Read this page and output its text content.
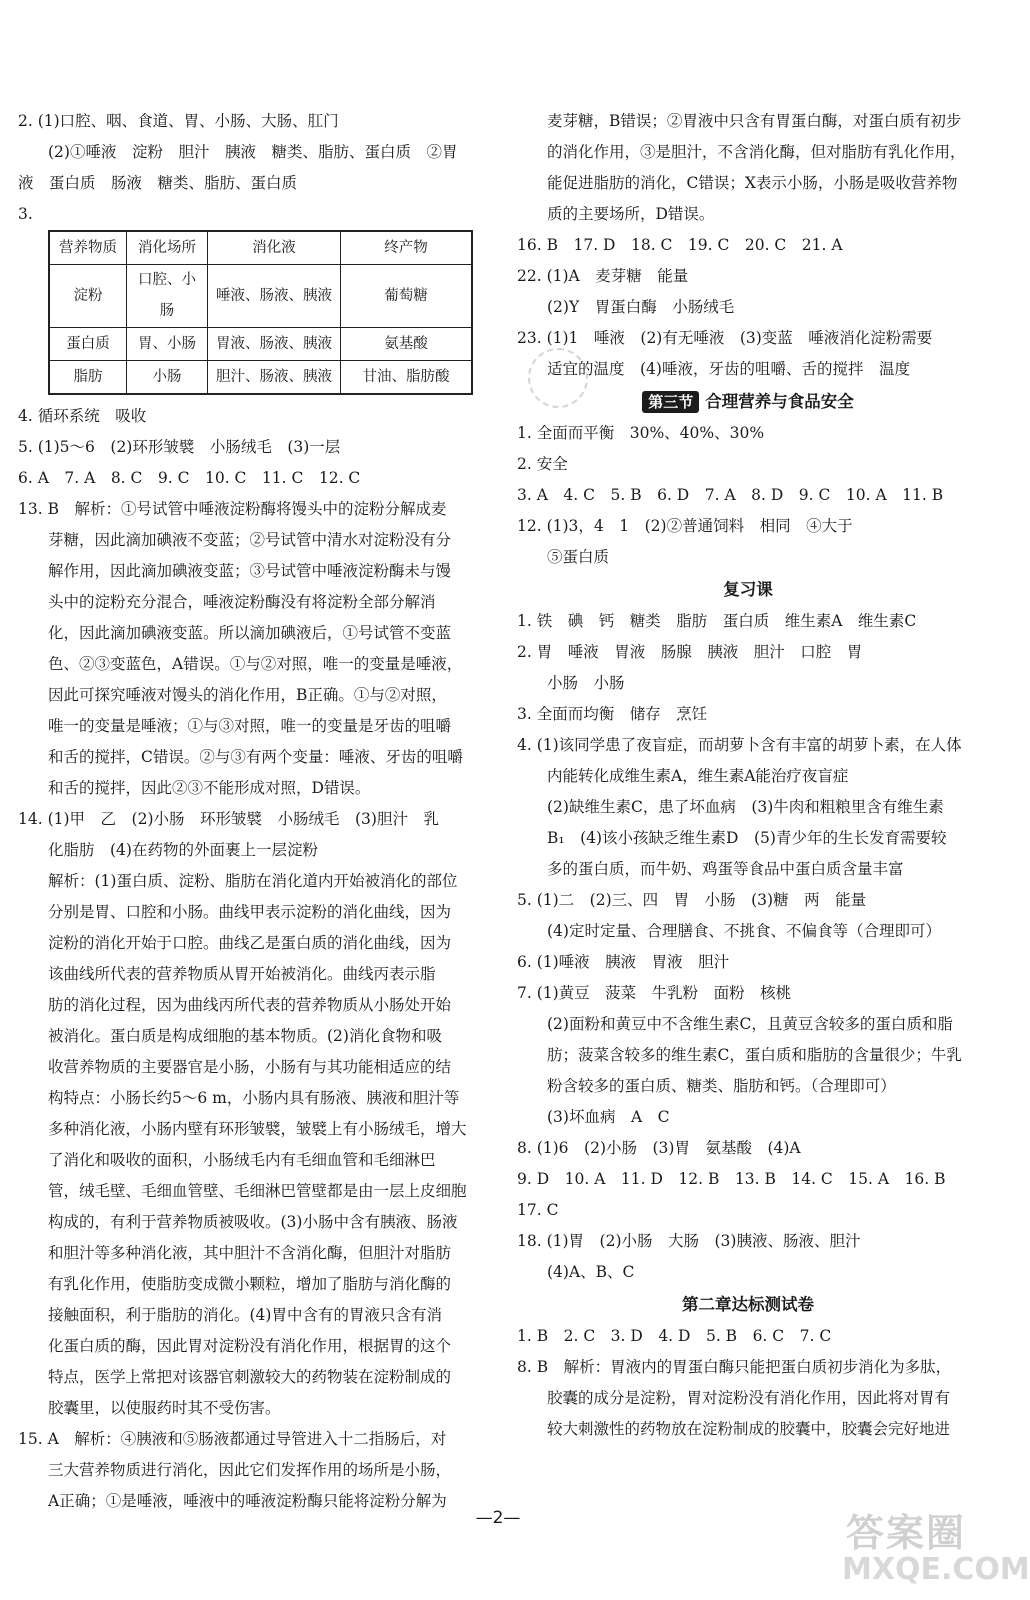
2. (1)口腔、咽、食道、胃、小肠、大肠、肛门
(2)①唾液　淀粉　胆汁　胰液　糖类、脂肪、蛋白质　②胃
液　蛋白质　肠液　糖类、脂肪、蛋白质
3.
营养物质	消化场所	消化液	终产物
淀粉	口腔、小肠	唾液、肠液、胰液	葡萄糖
蛋白质	胃、小肠	胃液、肠液、胰液	氨基酸
脂肪	小肠	胆汁、肠液、胰液	甘油、脂肪酸
4. 循环系统　吸收
5. (1)5～6　(2)环形皱襞　小肠绒毛　(3)一层
6. A　7. A　8. C　9. C　10. C　11. C　12. C
13. B　解析：①号试管中唾液淀粉酶将馒头中的淀粉分解成麦
芽糖，因此滴加碘液不变蓝；②号试管中清水对淀粉没有分
解作用，因此滴加碘液变蓝；③号试管中唾液淀粉酶未与馒
头中的淀粉充分混合，唾液淀粉酶没有将淀粉全部分解消
化，因此滴加碘液变蓝。所以滴加碘液后，①号试管不变蓝
色、②③变蓝色，A错误。①与②对照，唯一的变量是唾液，
因此可探究唾液对馒头的消化作用，B正确。①与②对照，
唯一的变量是唾液；①与③对照，唯一的变量是牙齿的咀嚼
和舌的搅拌，C错误。②与③有两个变量：唾液、牙齿的咀嚼
和舌的搅拌，因此②③不能形成对照，D错误。
14. (1)甲　乙　(2)小肠　环形皱襞　小肠绒毛　(3)胆汁　乳
化脂肪　(4)在药物的外面裹上一层淀粉
解析：(1)蛋白质、淀粉、脂肪在消化道内开始被消化的部位
分别是胃、口腔和小肠。曲线甲表示淀粉的消化曲线，因为
淀粉的消化开始于口腔。曲线乙是蛋白质的消化曲线，因为
该曲线所代表的营养物质从胃开始被消化。曲线丙表示脂
肪的消化过程，因为曲线丙所代表的营养物质从小肠处开始
被消化。蛋白质是构成细胞的基本物质。(2)消化食物和吸
收营养物质的主要器官是小肠，小肠有与其功能相适应的结
构特点：小肠长约5～6 m，小肠内具有肠液、胰液和胆汁等
多种消化液，小肠内壁有环形皱襞，皱襞上有小肠绒毛，增大
了消化和吸收的面积，小肠绒毛内有毛细血管和毛细淋巴
管，绒毛壁、毛细血管壁、毛细淋巴管壁都是由一层上皮细胞
构成的，有利于营养物质被吸收。(3)小肠中含有胰液、肠液
和胆汁等多种消化液，其中胆汁不含消化酶，但胆汁对脂肪
有乳化作用，使脂肪变成微小颗粒，增加了脂肪与消化酶的
接触面积，利于脂肪的消化。(4)胃中含有的胃液只含有消
化蛋白质的酶，因此胃对淀粉没有消化作用，根据胃的这个
特点，医学上常把对该器官刺激较大的药物装在淀粉制成的
胶囊里，以使服药时其不受伤害。
15. A　解析：④胰液和⑤肠液都通过导管进入十二指肠后，对
三大营养物质进行消化，因此它们发挥作用的场所是小肠，
A正确；①是唾液，唾液中的唾液淀粉酶只能将淀粉分解为
麦芽糖，B错误；②胃液中只含有胃蛋白酶，对蛋白质有初步
的消化作用，③是胆汁，不含消化酶，但对脂肪有乳化作用，
能促进脂肪的消化，C错误；X表示小肠，小肠是吸收营养物
质的主要场所，D错误。
16. B　17. D　18. C　19. C　20. C　21. A
22. (1)A　麦芽糖　能量
(2)Y　胃蛋白酶　小肠绒毛
23. (1)1　唾液　(2)有无唾液　(3)变蓝　唾液消化淀粉需要
适宜的温度　(4)唾液，牙齿的咀嚼、舌的搅拌　温度
第三节 合理营养与食品安全
1. 全面而平衡　30%、40%、30%
2. 安全
3. A　4. C　5. B　6. D　7. A　8. D　9. C　10. A　11. B
12. (1)3，4　1　(2)②普通饲料　相同　④大于
⑤蛋白质
复习课
1. 铁　碘　钙　糖类　脂肪　蛋白质　维生素A　维生素C
2. 胃　唾液　胃液　肠腺　胰液　胆汁　口腔　胃
小肠　小肠
3. 全面而均衡　储存　烹饪
4. (1)该同学患了夜盲症，而胡萝卜含有丰富的胡萝卜素，在人体
内能转化成维生素A，维生素A能治疗夜盲症
(2)缺维生素C，患了坏血病　(3)牛肉和粗粮里含有维生素
B₁　(4)该小孩缺乏维生素D　(5)青少年的生长发育需要较
多的蛋白质，而牛奶、鸡蛋等食品中蛋白质含量丰富
5. (1)二　(2)三、四　胃　小肠　(3)糖　两　能量
(4)定时定量、合理膳食、不挑食、不偏食等（合理即可）
6. (1)唾液　胰液　胃液　胆汁
7. (1)黄豆　菠菜　牛乳粉　面粉　核桃
(2)面粉和黄豆中不含维生素C，且黄豆含较多的蛋白质和脂
肪；菠菜含较多的维生素C，蛋白质和脂肪的含量很少；牛乳
粉含较多的蛋白质、糖类、脂肪和钙。（合理即可）
(3)坏血病　A　C
8. (1)6　(2)小肠　(3)胃　氨基酸　(4)A
9. D　10. A　11. D　12. B　13. B　14. C　15. A　16. B
17. C
18. (1)胃　(2)小肠　大肠　(3)胰液、肠液、胆汁
(4)A、B、C
第二章达标测试卷
1. B　2. C　3. D　4. D　5. B　6. C　7. C
8. B　解析：胃液内的胃蛋白酶只能把蛋白质初步消化为多肽，
胶囊的成分是淀粉，胃对淀粉没有消化作用，因此将对胃有
较大刺激性的药物放在淀粉制成的胶囊中，胶囊会完好地进
—2—	答案圈
MXQE.COM
